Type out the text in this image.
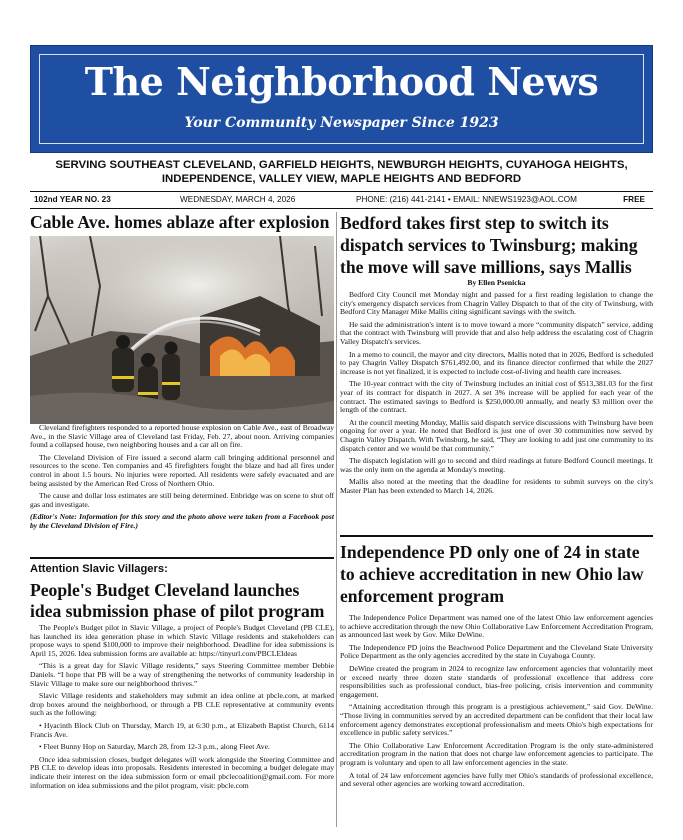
The Neighborhood News
Your Community Newspaper Since 1923
SERVING SOUTHEAST CLEVELAND, GARFIELD HEIGHTS, NEWBURGH HEIGHTS, CUYAHOGA HEIGHTS, INDEPENDENCE, VALLEY VIEW, MAPLE HEIGHTS AND BEDFORD
102nd YEAR NO. 23	WEDNESDAY, MARCH 4, 2026	PHONE: (216) 441-2141 • EMAIL: NNEWS1923@AOL.COM	FREE
Cable Ave. homes ablaze after explosion

Cleveland firefighters responded to a reported house explosion on Cable Ave., east of Broadway Ave., in the Slavic Village area of Cleveland last Friday, Feb. 27, about noon. Arriving companies found a collapsed house, two neighboring houses and a car all on fire.

The Cleveland Division of Fire issued a second alarm call bringing additional personnel and resources to the scene. Ten companies and 45 firefighters fought the blaze and had all fires under control in about 1.5 hours. No injuries were reported. All residents were safely evacuated and are being assisted by the American Red Cross of Northern Ohio.

The cause and dollar loss estimates are still being determined. Enbridge was on scene to shut off gas and investigate.

(Editor's Note: Information for this story and the photo above were taken from a Facebook post by the Cleveland Division of Fire.)

Attention Slavic Villagers:
People's Budget Cleveland launches idea submission phase of pilot program

The People's Budget pilot in Slavic Village, a project of People's Budget Cleveland (PB CLE), has launched its idea generation phase in which Slavic Village residents and stakeholders can propose ways to spend $100,000 to improve their neighborhood. Deadline for idea submissions is April 15, 2026. Idea submission forms are available at: https://tinyurl.com/PBCLEIdeas

“This is a great day for Slavic Village residents,” says Steering Committee member Debbie Daniels. “I hope that PB will be a way of strengthening the networks of community leadership in Slavic Village to make sure our neighborhood thrives.”

Slavic Village residents and stakeholders may submit an idea online at pbcle.com, at marked drop boxes around the neighborhood, or through a PB CLE representative at community events such as the following:

• Hyacinth Block Club on Thursday, March 19, at 6:30 p.m., at Elizabeth Baptist Church, 6114 Francis Ave.

• Fleet Bunny Hop on Saturday, March 28, from 12-3 p.m., along Fleet Ave.

Once idea submission closes, budget delegates will work alongside the Steering Committee and PB CLE to develop ideas into proposals. Residents interested in becoming a budget delegate may indicate their interest on the idea submission form or email pbclecoalition@gmail.com. For more information on idea submissions and the pilot program, visit: pbcle.com

Bedford takes first step to switch its dispatch services to Twinsburg; making the move will save millions, says Mallis
By Ellen Psenicka

Bedford City Council met Monday night and passed for a first reading legislation to change the city's emergency dispatch services from Chagrin Valley Dispatch to that of the city of Twinsburg, with Bedford City Manager Mike Mallis citing significant savings with the switch.

He said the administration's intent is to move toward a more “community dispatch” service, adding that the contract with Twinsburg will provide that and also help address the escalating cost of Chagrin Valley Dispatch's services.

In a memo to council, the mayor and city directors, Mallis noted that in 2026, Bedford is scheduled to pay Chagrin Valley Dispatch $761,492.00, and its finance director confirmed that while the 2027 increase is not yet finalized, it is expected to include cost-of-living and health care increases.

The 10-year contract with the city of Twinsburg includes an initial cost of $513,381.03 for the first year of its contract for dispatch in 2027. A set 3% increase will be applied for each year of the contract. The estimated savings to Bedford is $250,000.00 annually, and nearly $3 million over the length of the contract.

At the council meeting Monday, Mallis said dispatch service discussions with Twinsburg have been ongoing for over a year. He noted that Bedford is just one of over 30 communities now served by Chagrin Valley Dispatch. With Twinsburg, he said, “They are looking to add just one community to its dispatch center and we would be that community.”

The dispatch legislation will go to second and third readings at future Bedford Council meetings. It was the only item on the agenda at Monday's meeting.

Mallis also noted at the meeting that the deadline for residents to submit surveys on the city's Master Plan has been extended to March 14, 2026.

Independence PD only one of 24 in state to achieve accreditation in new Ohio law enforcement program

The Independence Police Department was named one of the latest Ohio law enforcement agencies to achieve accreditation through the new Ohio Collaborative Law Enforcement Accreditation Program, as announced last week by Gov. Mike DeWine.

The Independence PD joins the Beachwood Police Department and the Cleveland State University Police Department as the only agencies accredited by the state in Cuyahoga County.

DeWine created the program in 2024 to recognize law enforcement agencies that voluntarily meet or exceed nearly three dozen state standards of professional excellence that address core responsibilities such as professional conduct, bias-free policing, crisis intervention and community engagement.

“Attaining accreditation through this program is a prestigious achievement,” said Gov. DeWine. “Those living in communities served by an accredited department can be confident that their local law enforcement agency demonstrates exceptional professionalism and meets Ohio's high expectations for excellence in public safety services.”

The Ohio Collaborative Law Enforcement Accreditation Program is the only state-administered accreditation program in the nation that does not charge law enforcement agencies to participate. The program is voluntary and open to all law enforcement agencies in the state.

A total of 24 law enforcement agencies have fully met Ohio's standards of professional excellence, and several other agencies are working toward accreditation.
